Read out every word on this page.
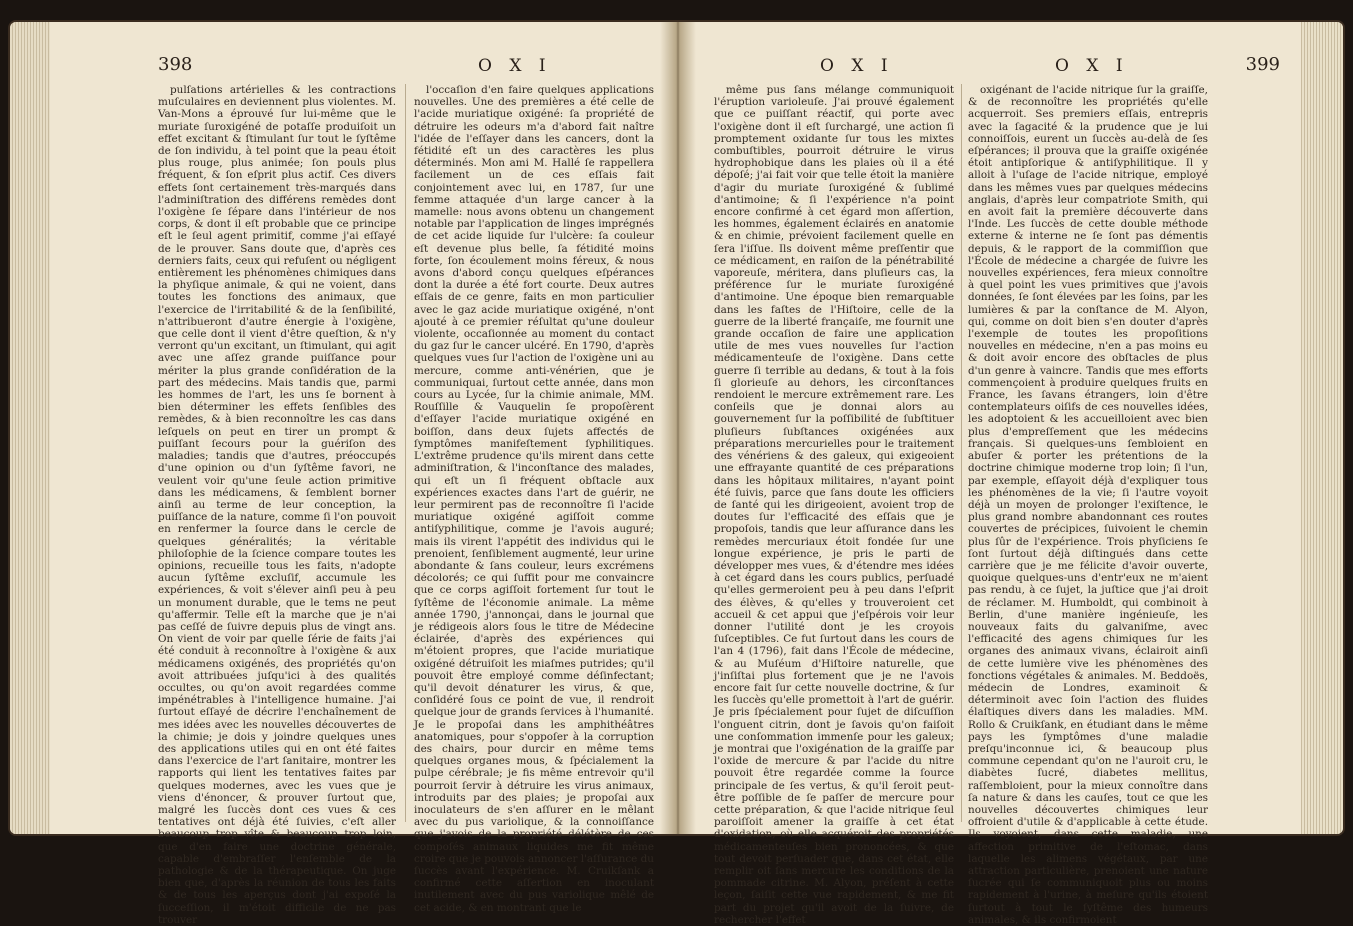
398	O X I

pulſations artérielles & les contractions muſculaires en deviennent plus violentes. M. Van-Mons a éprouvé ſur lui-même que le muriate ſuroxigéné de potaſſe produiſoit un effet excitant & ſtimulant ſur tout le ſyſtême de ſon individu, à tel point que la peau étoit plus rouge, plus animée; ſon pouls plus fréquent, & ſon eſprit plus actif. Ces divers effets ſont certainement très-marqués dans l'adminiſtration des différens remèdes dont l'oxigène ſe ſépare dans l'intérieur de nos corps, & dont il eſt probable que ce principe eſt le ſeul agent primitif, comme j'ai eſſayé de le prouver. Sans doute que, d'après ces derniers faits, ceux qui refuſent ou négligent entièrement les phénomènes chimiques dans la phyſique animale, & qui ne voient, dans toutes les fonctions des animaux, que l'exercice de l'irritabilité & de la ſenſibilité, n'attribueront d'autre énergie à l'oxigène, que celle dont il vient d'être queſtion, & n'y verront qu'un excitant, un ſtimulant, qui agit avec une aſſez grande puiſſance pour mériter la plus grande conſidération de la part des médecins. Mais tandis que, parmi les hommes de l'art, les uns ſe bornent à bien déterminer les effets ſenſibles des remèdes, & à bien reconnoître les cas dans leſquels on peut en tirer un prompt & puiſſant ſecours pour la guériſon des maladies; tandis que d'autres, préoccupés d'une opinion ou d'un ſyſtême favori, ne veulent voir qu'une ſeule action primitive dans les médicamens, & ſemblent borner ainſi au terme de leur conception, la puiſſance de la nature, comme ſi l'on pouvoit en renfermer la ſource dans le cercle de quelques généralités; la véritable philoſophie de la ſcience compare toutes les opinions, recueille tous les faits, n'adopte aucun ſyſtême excluſif, accumule les expériences, & voit s'élever ainſi peu à peu un monument durable, que le tems ne peut qu'affermir. Telle eſt la marche que je n'ai pas ceſſé de ſuivre depuis plus de vingt ans. On vient de voir par quelle ſérie de faits j'ai été conduit à reconnoître à l'oxigène & aux médicamens oxigénés, des propriétés qu'on avoit attribuées juſqu'ici à des qualités occultes, ou qu'on avoit regardées comme impénétrables à l'intelligence humaine. J'ai ſurtout eſſayé de décrire l'enchaînement de mes idées avec les nouvelles découvertes de la chimie; je dois y joindre quelques unes des applications utiles qui en ont été faites dans l'exercice de l'art ſanitaire, montrer les rapports qui lient les tentatives faites par quelques modernes, avec les vues que je viens d'énoncer, & prouver ſurtout que, malgré les ſuccès dont ces vues & ces tentatives ont déjà été ſuivies, c'eſt aller beaucoup trop vîte & beaucoup trop loin, que d'en faire une doctrine générale, capable d'embraſſer l'enſemble de la pathologie & de la thérapeutique. On juge bien que, d'après la réunion de tous les faits & de tous les aperçus dont j'ai expoſé la ſucceſſion, il m'étoit difficile de ne pas trouver

l'occaſion d'en faire quelques applications nouvelles. Une des premières a été celle de l'acide muriatique oxigéné: ſa propriété de détruire les odeurs m'a d'abord fait naître l'idée de l'eſſayer dans les cancers, dont la fétidité eſt un des caractères les plus déterminés. Mon ami M. Hallé ſe rappellera facilement un de ces eſſais fait conjointement avec lui, en 1787, ſur une femme attaquée d'un large cancer à la mamelle: nous avons obtenu un changement notable par l'application de linges imprégnés de cet acide liquide ſur l'ulcère: ſa couleur eſt devenue plus belle, ſa fétidité moins forte, ſon écoulement moins féreux, & nous avons d'abord conçu quelques eſpérances dont la durée a été fort courte. Deux autres eſſais de ce genre, faits en mon particulier avec le gaz acide muriatique oxigéné, n'ont ajouté à ce premier réſultat qu'une douleur violente, occaſionnée au moment du contact du gaz ſur le cancer ulcéré. En 1790, d'après quelques vues ſur l'action de l'oxigène uni au mercure, comme anti-vénérien, que je communiquai, ſurtout cette année, dans mon cours au Lycée, ſur la chimie animale, MM. Rouſſille & Vauquelin ſe propoſèrent d'eſſayer l'acide muriatique oxigéné en boiſſon, dans deux ſujets affectés de ſymptômes manifeſtement ſyphilitiques. L'extrême prudence qu'ils mirent dans cette adminiſtration, & l'inconſtance des malades, qui eſt un ſi fréquent obſtacle aux expériences exactes dans l'art de guérir, ne leur permirent pas de reconnoître ſi l'acide muriatique oxigéné agiſſoit comme antiſyphilitique, comme je l'avois auguré; mais ils virent l'appétit des individus qui le prenoient, ſenſiblement augmenté, leur urine abondante & ſans couleur, leurs excrémens décolorés; ce qui ſuffit pour me convaincre que ce corps agiſſoit fortement ſur tout le ſyſtême de l'économie animale. La même année 1790, j'annonçai, dans le journal que je rédigeois alors ſous le titre de Médecine éclairée, d'après des expériences qui m'étoient propres, que l'acide muriatique oxigéné détruiſoit les miaſmes putrides; qu'il pouvoit être employé comme déſinfectant; qu'il devoit dénaturer les virus, & que, conſidéré ſous ce point de vue, il rendroit quelque jour de grands ſervices à l'humanité. Je le propoſai dans les amphithéâtres anatomiques, pour s'oppoſer à la corruption des chairs, pour durcir en même tems quelques organes mous, & ſpécialement la pulpe cérébrale; je fis même entrevoir qu'il pourroit ſervir à détruire les virus animaux, introduits par des plaies; je propoſai aux inoculateurs de s'en aſſurer en le mêlant avec du pus variolique, & la connoiſſance que j'avois de la propriété délétère de ces compoſés animaux liquides me fit même croire que je pouvois annoncer l'aſſurance du ſuccès avant l'expérience. M. Cruikſank a confirmé cette aſſertion en inoculant inutilement avec du pus variolique mêlé de cet acide, & en montrant que le

O X I	O X I	399

même pus ſans mélange communiquoit l'éruption varioleuſe. J'ai prouvé également que ce puiſſant réactif, qui porte avec l'oxigène dont il eſt ſurchargé, une action ſi promptement oxidante ſur tous les mixtes combuſtibles, pourroit détruire le virus hydrophobique dans les plaies où il a été dépoſé; j'ai fait voir que telle étoit la manière d'agir du muriate ſuroxigéné & ſublimé d'antimoine; & ſi l'expérience n'a point encore confirmé à cet égard mon aſſertion, les hommes, également éclairés en anatomie & en chimie, prévoient facilement quelle en ſera l'iſſue. Ils doivent même preſſentir que ce médicament, en raiſon de la pénétrabilité vaporeuſe, méritera, dans pluſieurs cas, la préférence ſur le muriate ſuroxigéné d'antimoine. Une époque bien remarquable dans les faſtes de l'Hiſtoire, celle de la guerre de la liberté françaiſe, me fournit une grande occaſion de faire une application utile de mes vues nouvelles ſur l'action médicamenteuſe de l'oxigène. Dans cette guerre ſi terrible au dedans, & tout à la fois ſi glorieuſe au dehors, les circonſtances rendoient le mercure extrêmement rare. Les conſeils que je donnai alors au gouvernement ſur la poſſibilité de ſubſtituer pluſieurs ſubſtances oxigénées aux préparations mercurielles pour le traitement des vénériens & des galeux, qui exigeoient une effrayante quantité de ces préparations dans les hôpitaux militaires, n'ayant point été ſuivis, parce que ſans doute les officiers de ſanté qui les dirigeoient, avoient trop de doutes ſur l'efficacité des eſſais que je propoſois, tandis que leur aſſurance dans les remèdes mercuriaux étoit fondée ſur une longue expérience, je pris le parti de développer mes vues, & d'étendre mes idées à cet égard dans les cours publics, perſuadé qu'elles germeroient peu à peu dans l'eſprit des élèves, & qu'elles y trouveroient cet accueil & cet appui que j'eſpérois voir leur donner l'utilité dont je les croyois ſuſceptibles. Ce fut ſurtout dans les cours de l'an 4 (1796), fait dans l'École de médecine, & au Muſéum d'Hiſtoire naturelle, que j'inſiſtai plus fortement que je ne l'avois encore fait ſur cette nouvelle doctrine, & ſur les ſuccès qu'elle promettoit à l'art de guérir. Je pris ſpécialement pour ſujet de diſcuſſion l'onguent citrin, dont je ſavois qu'on faiſoit une conſommation immenſe pour les galeux; je montrai que l'oxigénation de la graiſſe par l'oxide de mercure & par l'acide du nitre pouvoit être regardée comme la ſource principale de ſes vertus, & qu'il ſeroit peut-être poſſible de ſe paſſer de mercure pour cette préparation, & que l'acide nitrique ſeul paroiſſoit amener la graiſſe à cet état d'oxidation, où elle acquéroit des propriétés médicamenteuſes bien prononcées, & que tout devoit perſuader que, dans cet état, elle remplir oit ſans mercure les conditions de la pommade citrine. M. Alyon, préſent à cette leçon, ſaiſit cette vue rapidement, & me fit part du projet qu'il avoit de la ſuivre, de rechercher l'effet

oxigénant de l'acide nitrique ſur la graiſſe, & de reconnoître les propriétés qu'elle acquerroit. Ses premiers eſſais, entrepris avec la ſagacité & la prudence que je lui connoiſſois, eurent un ſuccès au-delà de ſes eſpérances; il prouva que la graiſſe oxigénée étoit antipſorique & antiſyphilitique. Il y alloit à l'uſage de l'acide nitrique, employé dans les mêmes vues par quelques médecins anglais, d'après leur compatriote Smith, qui en avoit fait la première découverte dans l'Inde. Les ſuccès de cette double méthode externe & interne ne ſe ſont pas démentis depuis, & le rapport de la commiſſion que l'École de médecine a chargée de ſuivre les nouvelles expériences, fera mieux connoître à quel point les vues primitives que j'avois données, ſe ſont élevées par les ſoins, par les lumières & par la conſtance de M. Alyon, qui, comme on doit bien s'en douter d'après l'exemple de toutes les propoſitions nouvelles en médecine, n'en a pas moins eu & doit avoir encore des obſtacles de plus d'un genre à vaincre. Tandis que mes efforts commençoient à produire quelques fruits en France, les ſavans étrangers, loin d'être contemplateurs oiſifs de ces nouvelles idées, les adoptoient & les accueilloient avec bien plus d'empreſſement que les médecins français. Si quelques-uns ſembloient en abuſer & porter les prétentions de la doctrine chimique moderne trop loin; ſi l'un, par exemple, eſſayoit déjà d'expliquer tous les phénomènes de la vie; ſi l'autre voyoit déjà un moyen de prolonger l'exiſtence, le plus grand nombre abandonnant ces routes couvertes de précipices, ſuivoient le chemin plus ſûr de l'expérience. Trois phyſiciens ſe ſont ſurtout déjà diſtingués dans cette carrière que je me félicite d'avoir ouverte, quoique quelques-uns d'entr'eux ne m'aient pas rendu, à ce ſujet, la juſtice que j'ai droit de réclamer. M. Humboldt, qui combinoit à Berlin, d'une manière ingénieuſe, les nouveaux faits du galvaniſme, avec l'efficacité des agens chimiques ſur les organes des animaux vivans, éclairoit ainſi de cette lumière vive les phénomènes des fonctions végétales & animales. M. Beddoës, médecin de Londres, examinoit & déterminoit avec ſoin l'action des fluides élaſtiques divers dans les maladies. MM. Rollo & Cruikſank, en étudiant dans le même pays les ſymptômes d'une maladie preſqu'inconnue ici, & beaucoup plus commune cependant qu'on ne l'auroit cru, le diabètes ſucré, diabetes mellitus, raſſembloient, pour la mieux connoître dans ſa nature & dans les cauſes, tout ce que les nouvelles découvertes chimiques leur offroient d'utile & d'applicable à cette étude. Ils voyoient, dans cette maladie, une affection primitive de l'eſtomac, dans laquelle les alimens végétaux, par une attraction particulière, prenoient une nature ſucrée qui ſe communiquoit plus ou moins rapidement à l'urine, à meſure qu'ils étoient ſurtout à tout le ſyſtême des humeurs animales, & ils confirmoient
